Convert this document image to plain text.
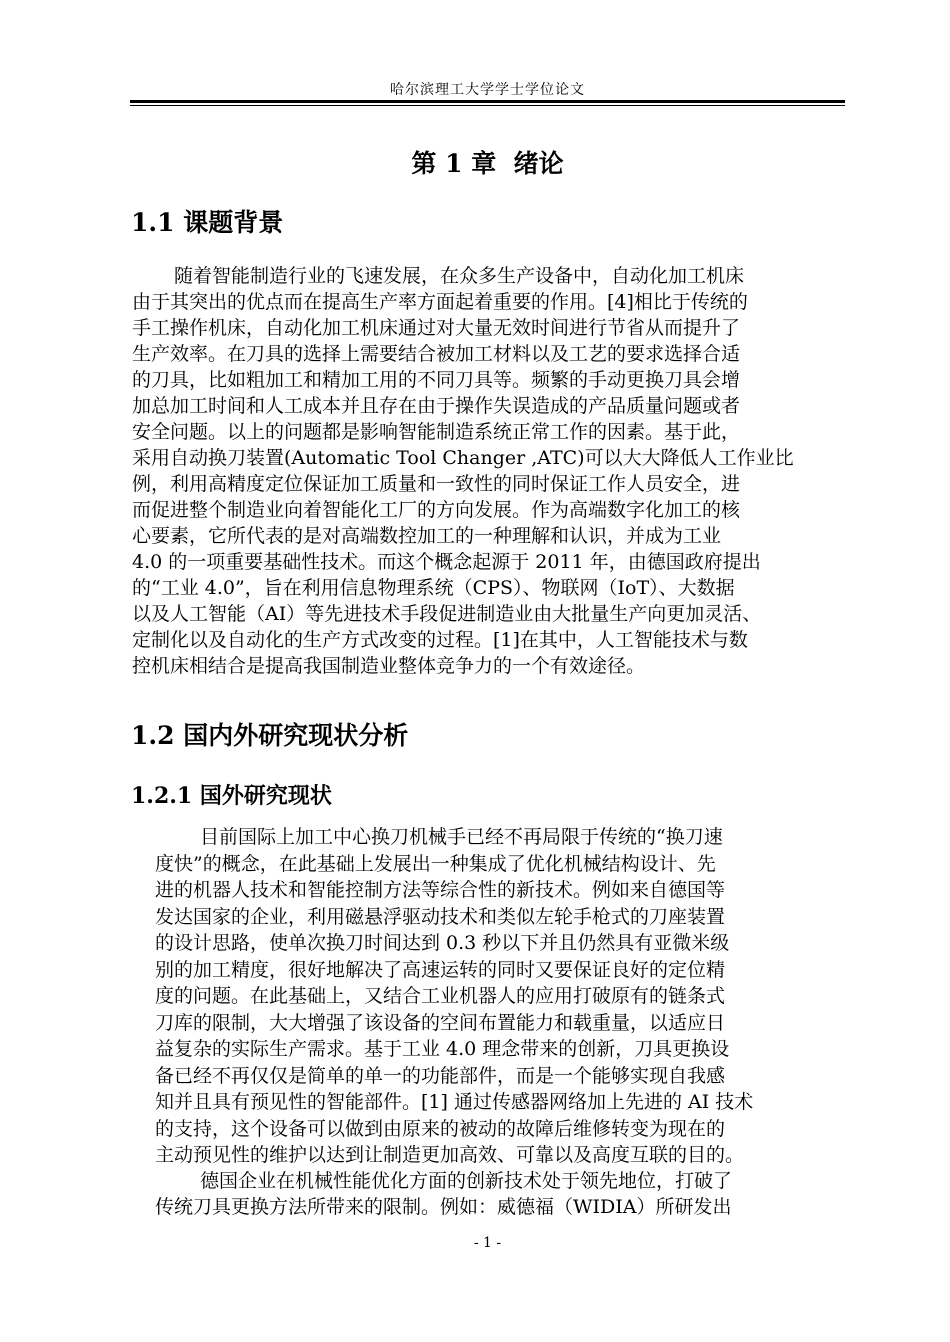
哈尔滨理工大学学士学位论文
第 1 章  绪论
1.1 课题背景
随着智能制造行业的飞速发展，在众多生产设备中，自动化加工机床
由于其突出的优点而在提高生产率方面起着重要的作用。[4]相比于传统的
手工操作机床，自动化加工机床通过对大量无效时间进行节省从而提升了
生产效率。在刀具的选择上需要结合被加工材料以及工艺的要求选择合适
的刀具，比如粗加工和精加工用的不同刀具等。频繁的手动更换刀具会增
加总加工时间和人工成本并且存在由于操作失误造成的产品质量问题或者
安全问题。以上的问题都是影响智能制造系统正常工作的因素。基于此，
采用自动换刀装置(Automatic Tool Changer ,ATC)可以大大降低人工作业比
例，利用高精度定位保证加工质量和一致性的同时保证工作人员安全，进
而促进整个制造业向着智能化工厂的方向发展。作为高端数字化加工的核
心要素，它所代表的是对高端数控加工的一种理解和认识，并成为工业
4.0 的一项重要基础性技术。而这个概念起源于 2011 年，由德国政府提出
的“工业 4.0”，旨在利用信息物理系统（CPS）、物联网（IoT）、大数据
以及人工智能（AI）等先进技术手段促进制造业由大批量生产向更加灵活、
定制化以及自动化的生产方式改变的过程。[1]在其中，人工智能技术与数
控机床相结合是提高我国制造业整体竞争力的一个有效途径。
1.2 国内外研究现状分析
1.2.1 国外研究现状
目前国际上加工中心换刀机械手已经不再局限于传统的“换刀速
度快”的概念，在此基础上发展出一种集成了优化机械结构设计、先
进的机器人技术和智能控制方法等综合性的新技术。例如来自德国等
发达国家的企业，利用磁悬浮驱动技术和类似左轮手枪式的刀座装置
的设计思路，使单次换刀时间达到 0.3 秒以下并且仍然具有亚微米级
别的加工精度，很好地解决了高速运转的同时又要保证良好的定位精
度的问题。在此基础上，又结合工业机器人的应用打破原有的链条式
刀库的限制，大大增强了该设备的空间布置能力和载重量，以适应日
益复杂的实际生产需求。基于工业 4.0 理念带来的创新，刀具更换设
备已经不再仅仅是简单的单一的功能部件，而是一个能够实现自我感
知并且具有预见性的智能部件。[1] 通过传感器网络加上先进的 AI 技术
的支持，这个设备可以做到由原来的被动的故障后维修转变为现在的
主动预见性的维护以达到让制造更加高效、可靠以及高度互联的目的。
德国企业在机械性能优化方面的创新技术处于领先地位，打破了
传统刀具更换方法所带来的限制。例如：威德福（WIDIA）所研发出
- 1 -
